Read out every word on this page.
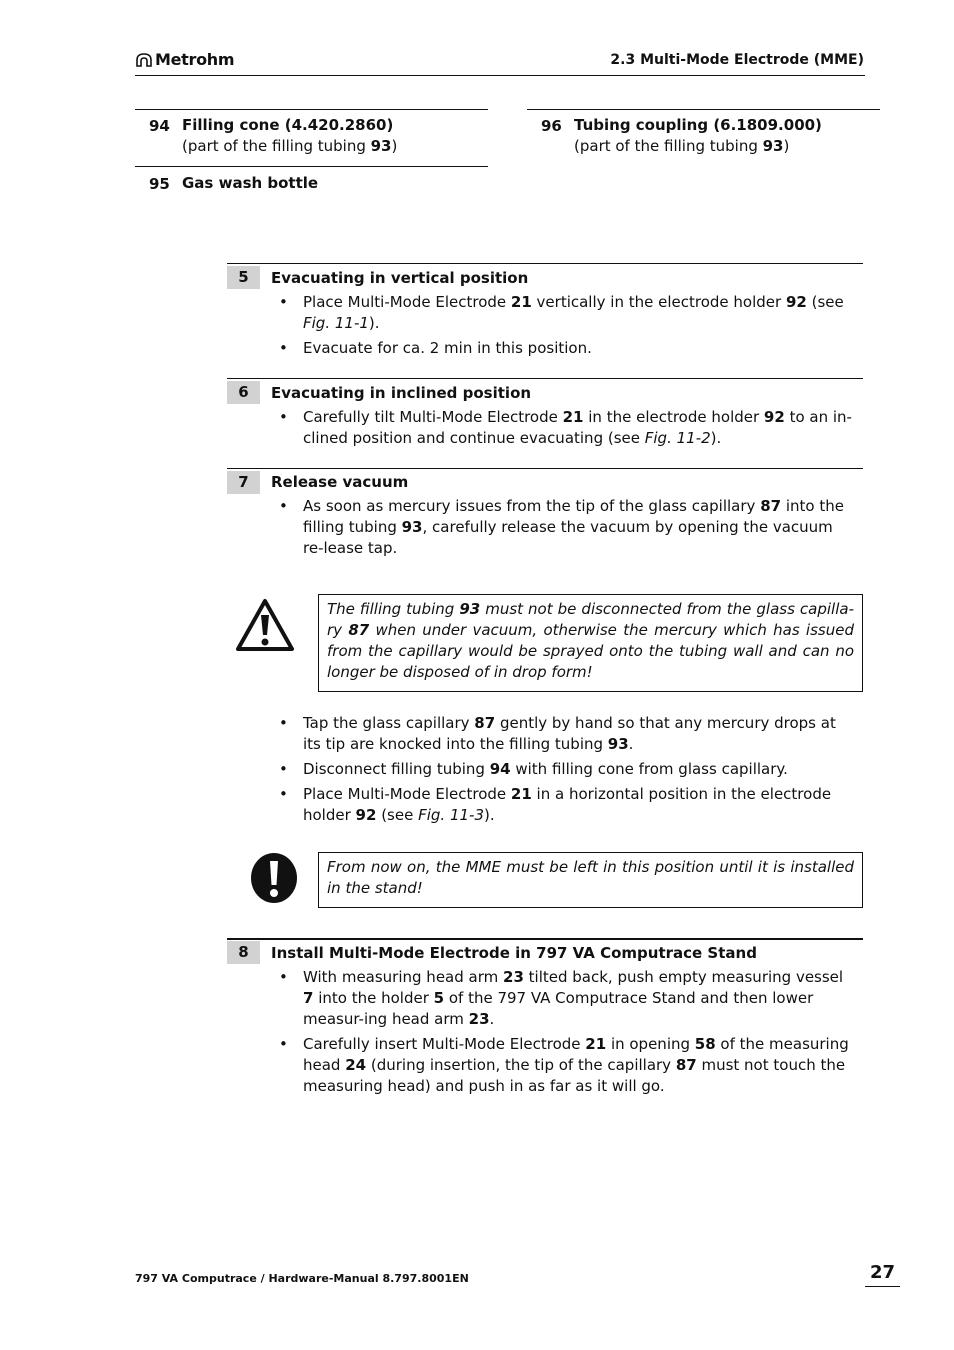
Metrohm	2.3 Multi-Mode Electrode (MME)
94 Filling cone (4.420.2860)
(part of the filling tubing 93)
96 Tubing coupling (6.1809.000)
(part of the filling tubing 93)
95 Gas wash bottle
5	Evacuating in vertical position
• Place Multi-Mode Electrode 21 vertically in the electrode holder 92 (see Fig. 11-1).
• Evacuate for ca. 2 min in this position.
6	Evacuating in inclined position
• Carefully tilt Multi-Mode Electrode 21 in the electrode holder 92 to an in-clined position and continue evacuating (see Fig. 11-2).
7	Release vacuum
• As soon as mercury issues from the tip of the glass capillary 87 into the filling tubing 93, carefully release the vacuum by opening the vacuum re-lease tap.
The filling tubing 93 must not be disconnected from the glass capilla-ry 87 when under vacuum, otherwise the mercury which has issued from the capillary would be sprayed onto the tubing wall and can no longer be disposed of in drop form!
• Tap the glass capillary 87 gently by hand so that any mercury drops at its tip are knocked into the filling tubing 93.
• Disconnect filling tubing 94 with filling cone from glass capillary.
• Place Multi-Mode Electrode 21 in a horizontal position in the electrode holder 92 (see Fig. 11-3).
From now on, the MME must be left in this position until it is installed in the stand!
8	Install Multi-Mode Electrode in 797 VA Computrace Stand
• With measuring head arm 23 tilted back, push empty measuring vessel 7 into the holder 5 of the 797 VA Computrace Stand and then lower measur-ing head arm 23.
• Carefully insert Multi-Mode Electrode 21 in opening 58 of the measuring head 24 (during insertion, the tip of the capillary 87 must not touch the measuring head) and push in as far as it will go.
797 VA Computrace / Hardware-Manual 8.797.8001EN	27
